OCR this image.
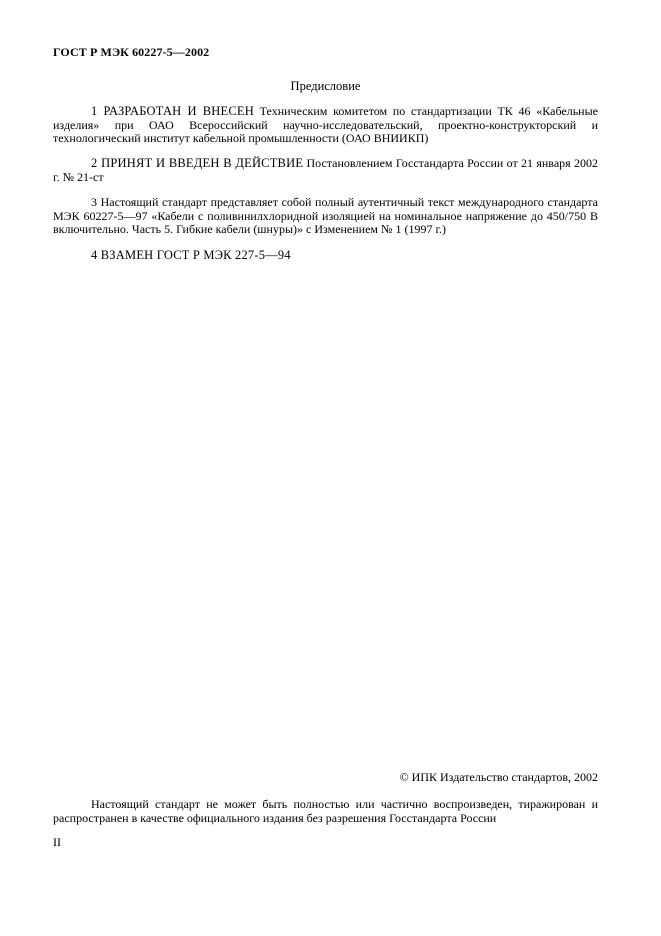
ГОСТ Р МЭК 60227-5—2002
Предисловие
1 РАЗРАБОТАН И ВНЕСЕН Техническим комитетом по стандартизации ТК 46 «Кабельные изделия» при ОАО Всероссийский научно-исследовательский, проектно-конструкторский и технологический институт кабельной промышленности (ОАО ВНИИКП)
2 ПРИНЯТ И ВВЕДЕН В ДЕЙСТВИЕ Постановлением Госстандарта России от 21 января 2002 г. № 21-ст
3 Настоящий стандарт представляет собой полный аутентичный текст международного стандарта МЭК 60227-5—97 «Кабели с поливинилхлоридной изоляцией на номинальное напряжение до 450/750 В включительно. Часть 5. Гибкие кабели (шнуры)» с Изменением № 1 (1997 г.)
4 ВЗАМЕН ГОСТ Р МЭК 227-5—94
© ИПК Издательство стандартов, 2002
Настоящий стандарт не может быть полностью или частично воспроизведен, тиражирован и распространен в качестве официального издания без разрешения Госстандарта России
II
